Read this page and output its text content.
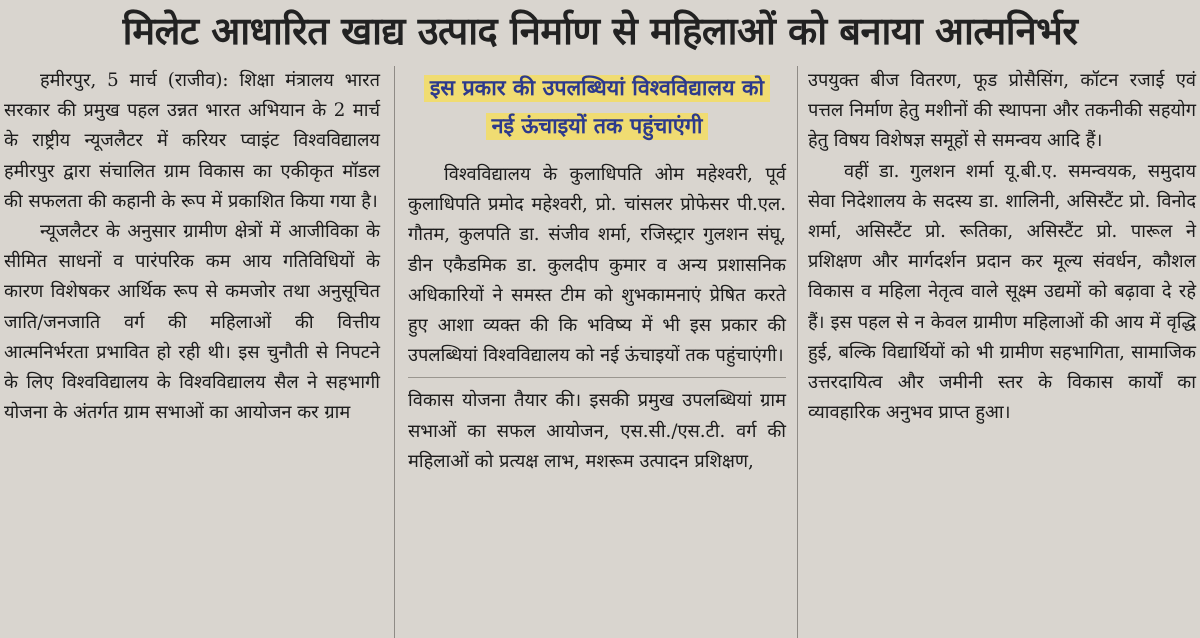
मिलेट आधारित खाद्य उत्पाद निर्माण से महिलाओं को बनाया आत्मनिर्भर

हमीरपुर, 5 मार्च (राजीव): शिक्षा मंत्रालय भारत सरकार की प्रमुख पहल उन्नत भारत अभियान के 2 मार्च के राष्ट्रीय न्यूजलैटर में करियर प्वाइंट विश्वविद्यालय हमीरपुर द्वारा संचालित ग्राम विकास का एकीकृत मॉडल की सफलता की कहानी के रूप में प्रकाशित किया गया है।

न्यूजलैटर के अनुसार ग्रामीण क्षेत्रों में आजीविका के सीमित साधनों व पारंपरिक कम आय गतिविधियों के कारण विशेषकर आर्थिक रूप से कमजोर तथा अनुसूचित जाति/जनजाति वर्ग की महिलाओं की वित्तीय आत्मनिर्भरता प्रभावित हो रही थी। इस चुनौती से निपटने के लिए विश्वविद्यालय के विश्वविद्यालय सैल ने सहभागी योजना के अंतर्गत ग्राम सभाओं का आयोजन कर ग्राम

इस प्रकार की उपलब्धियां विश्वविद्यालय को नई ऊंचाइयों तक पहुंचाएंगी

विश्वविद्यालय के कुलाधिपति ओम महेश्वरी, पूर्व कुलाधिपति प्रमोद महेश्वरी, प्रो. चांसलर प्रोफेसर पी.एल. गौतम, कुलपति डा. संजीव शर्मा, रजिस्ट्रार गुलशन संघू, डीन एकैडमिक डा. कुलदीप कुमार व अन्य प्रशासनिक अधिकारियों ने समस्त टीम को शुभकामनाएं प्रेषित करते हुए आशा व्यक्त की कि भविष्य में भी इस प्रकार की उपलब्धियां विश्वविद्यालय को नई ऊंचाइयों तक पहुंचाएंगी।

विकास योजना तैयार की। इसकी प्रमुख उपलब्धियां ग्राम सभाओं का सफल आयोजन, एस.सी./एस.टी. वर्ग की महिलाओं को प्रत्यक्ष लाभ, मशरूम उत्पादन प्रशिक्षण,

उपयुक्त बीज वितरण, फूड प्रोसैसिंग, कॉटन रजाई एवं पत्तल निर्माण हेतु मशीनों की स्थापना और तकनीकी सहयोग हेतु विषय विशेषज्ञ समूहों से समन्वय आदि हैं।

वहीं डा. गुलशन शर्मा यू.बी.ए. समन्वयक, समुदाय सेवा निदेशालय के सदस्य डा. शालिनी, असिस्टैंट प्रो. विनोद शर्मा, असिस्टैंट प्रो. रूतिका, असिस्टैंट प्रो. पारूल ने प्रशिक्षण और मार्गदर्शन प्रदान कर मूल्य संवर्धन, कौशल विकास व महिला नेतृत्व वाले सूक्ष्म उद्यमों को बढ़ावा दे रहे हैं। इस पहल से न केवल ग्रामीण महिलाओं की आय में वृद्धि हुई, बल्कि विद्यार्थियों को भी ग्रामीण सहभागिता, सामाजिक उत्तरदायित्व और जमीनी स्तर के विकास कार्यों का व्यावहारिक अनुभव प्राप्त हुआ।
